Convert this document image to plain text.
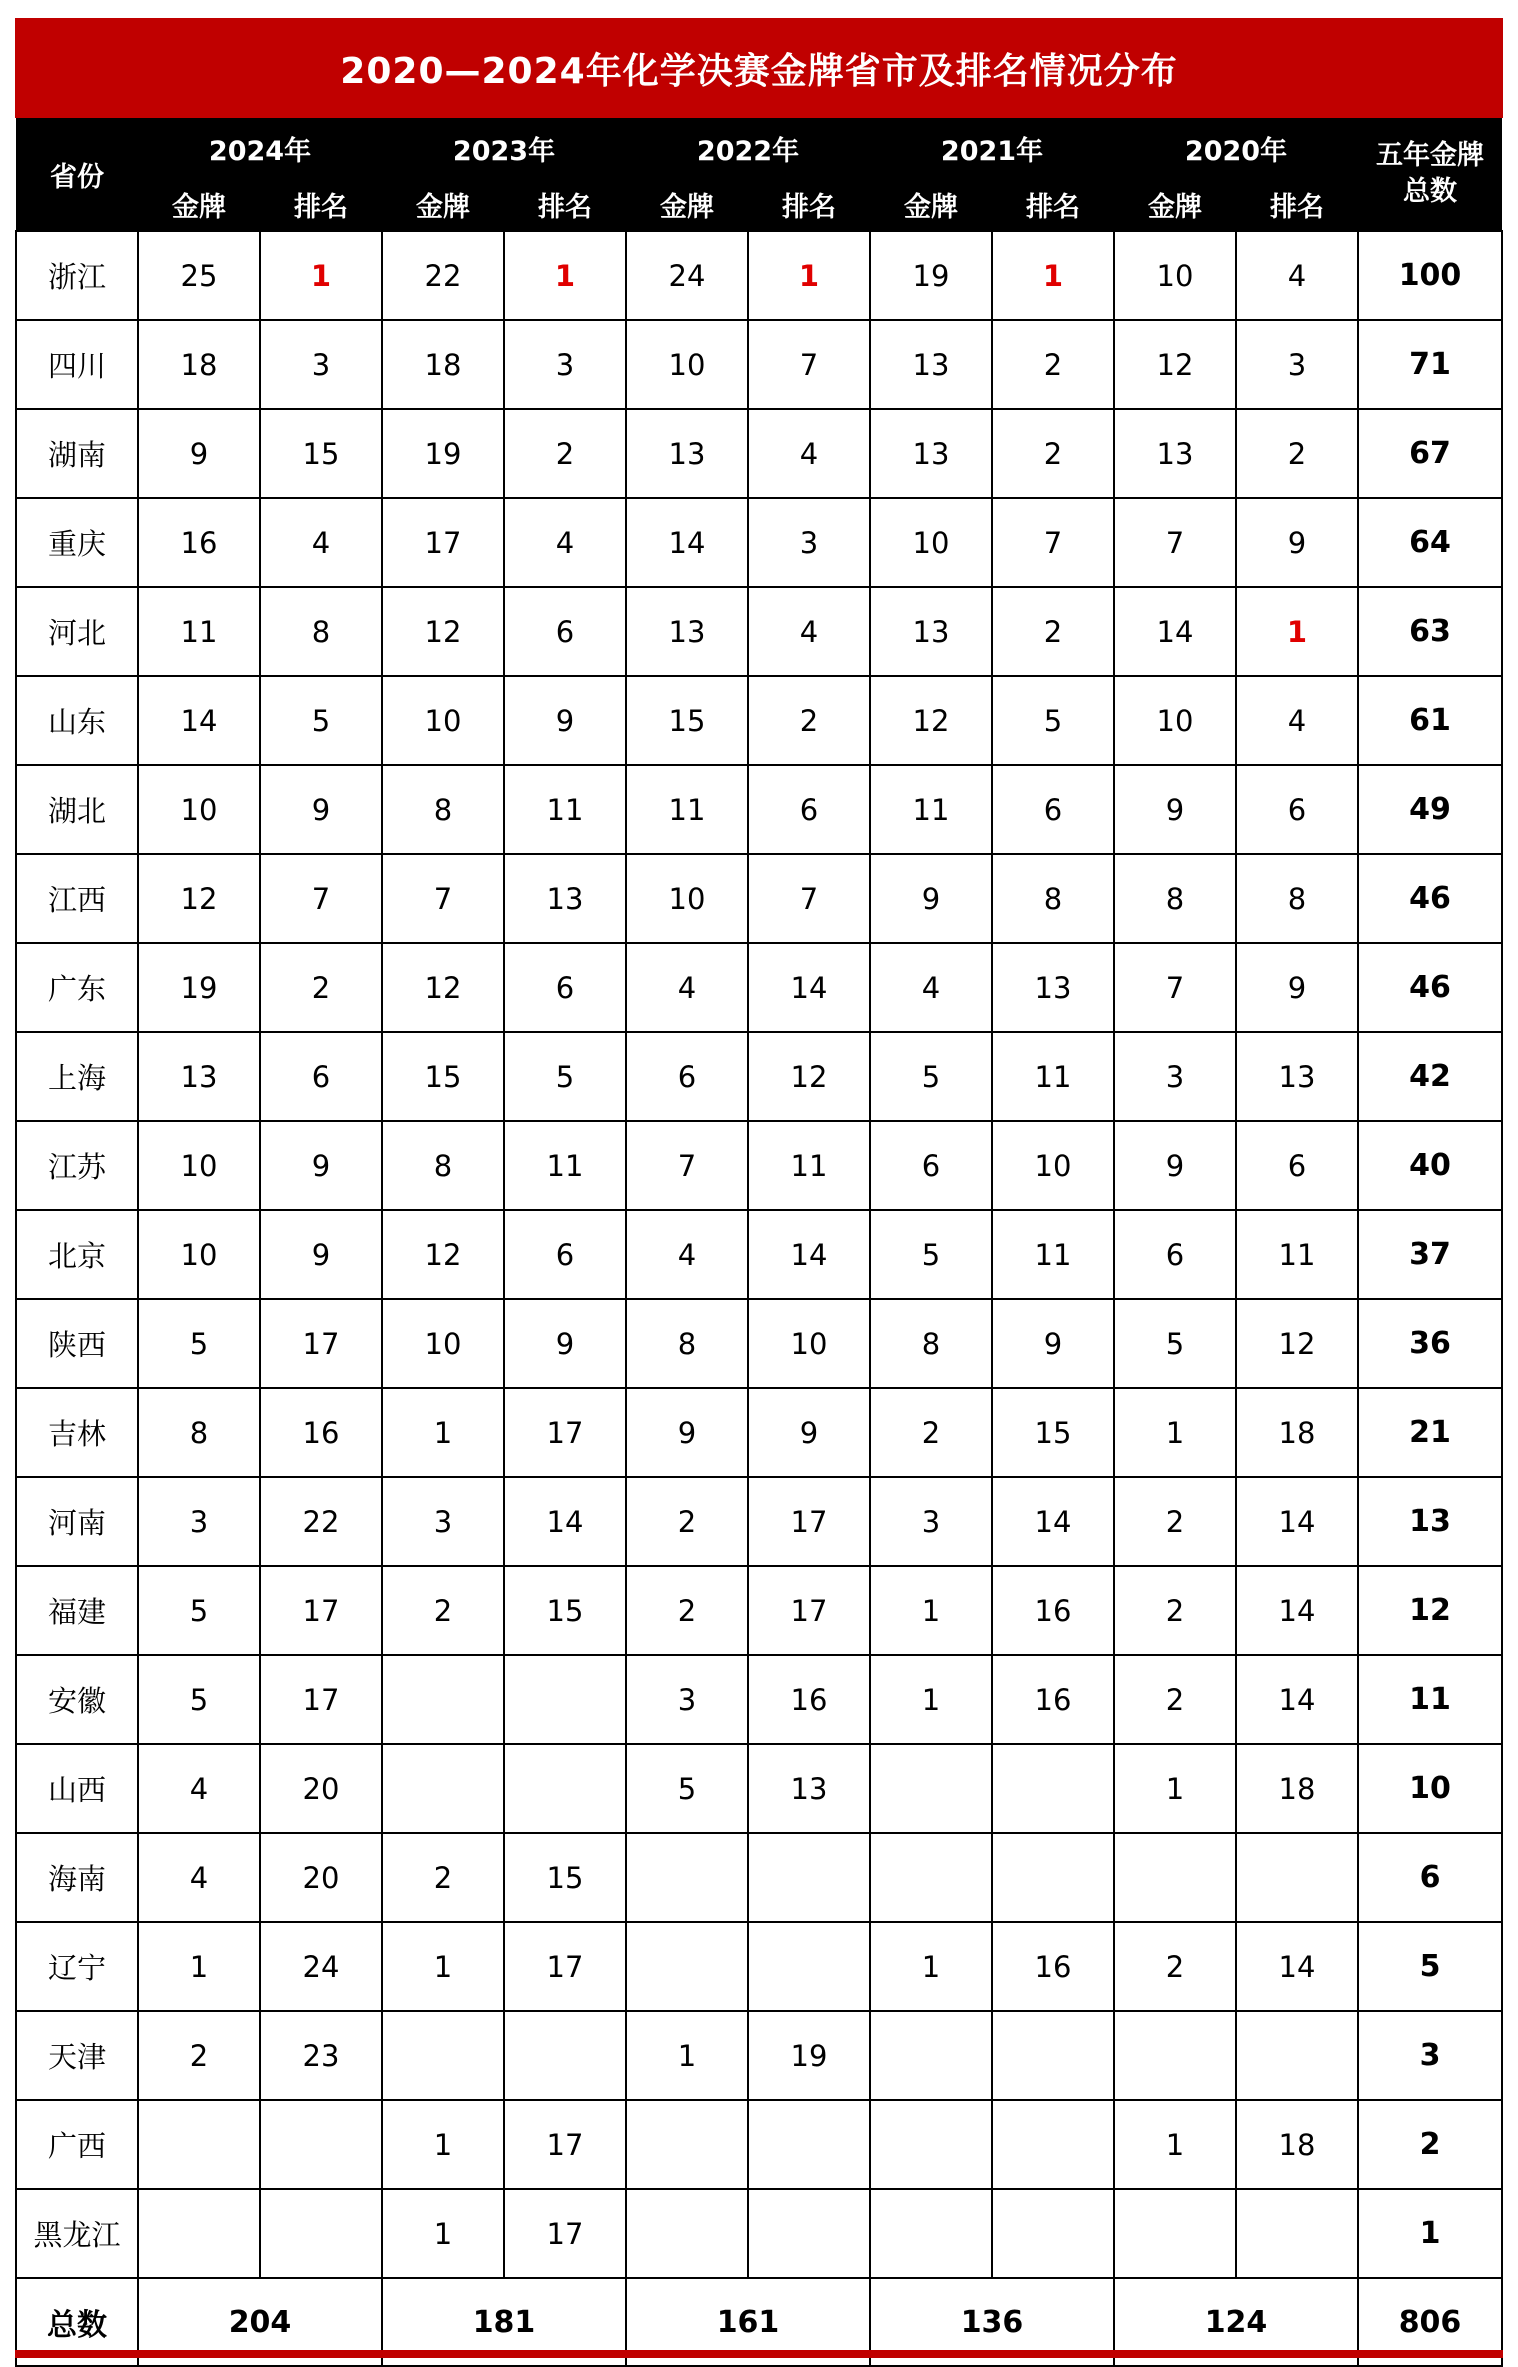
2020—2024年化学决赛金牌省市及排名情况分布
省份	2024年		2023年		2022年		2021年		2020年		五年金牌
总数

	金牌	排名	金牌	排名	金牌	排名	金牌	排名	金牌	排名	
浙江	25	1	22	1	24	1	19	1	10	4	100
四川	18	3	18	3	10	7	13	2	12	3	71
湖南	9	15	19	2	13	4	13	2	13	2	67
重庆	16	4	17	4	14	3	10	7	7	9	64
河北	11	8	12	6	13	4	13	2	14	1	63
山东	14	5	10	9	15	2	12	5	10	4	61
湖北	10	9	8	11	11	6	11	6	9	6	49
江西	12	7	7	13	10	7	9	8	8	8	46
广东	19	2	12	6	4	14	4	13	7	9	46
上海	13	6	15	5	6	12	5	11	3	13	42
江苏	10	9	8	11	7	11	6	10	9	6	40
北京	10	9	12	6	4	14	5	11	6	11	37
陕西	5	17	10	9	8	10	8	9	5	12	36
吉林	8	16	1	17	9	9	2	15	1	18	21
河南	3	22	3	14	2	17	3	14	2	14	13
福建	5	17	2	15	2	17	1	16	2	14	12
安徽	5	17			3	16	1	16	2	14	11
山西	4	20			5	13			1	18	10
海南	4	20	2	15							6
辽宁	1	24	1	17			1	16	2	14	5
天津	2	23			1	19					3
广西			1	17					1	18	2
黑龙江			1	17							1
总数	204		181		161		136		124		806
